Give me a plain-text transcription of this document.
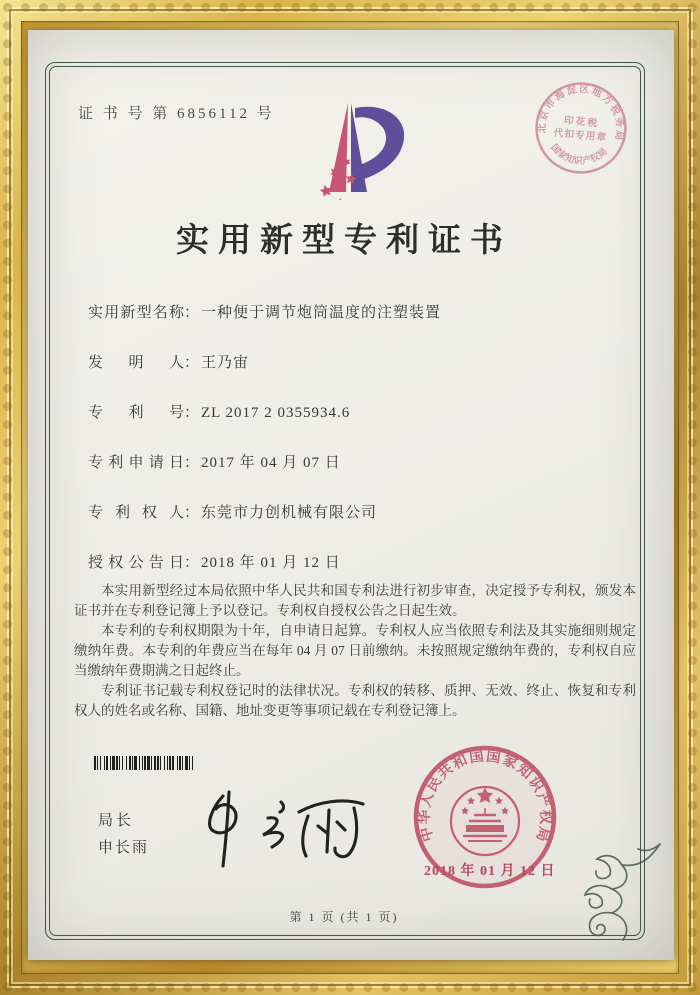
证 书 号 第 6856112 号
实用新型专利证书
实用新型名称： 一种便于调节炮筒温度的注塑装置
发明人： 王乃宙
专利号： ZL 2017 2 0355934.6
专利申请日： 2017 年 04 月 07 日
专利权人： 东莞市力创机械有限公司
授权公告日： 2018 年 01 月 12 日

本实用新型经过本局依照中华人民共和国专利法进行初步审查，决定授予专利权，颁发本证书并在专利登记簿上予以登记。专利权自授权公告之日起生效。

本专利的专利权期限为十年，自申请日起算。专利权人应当依照专利法及其实施细则规定缴纳年费。本专利的年费应当在每年 04 月 07 日前缴纳。未按照规定缴纳年费的，专利权自应当缴纳年费期满之日起终止。

专利证书记载专利权登记时的法律状况。专利权的转移、质押、无效、终止、恢复和专利权人的姓名或名称、国籍、地址变更等事项记载在专利登记簿上。

局长
申长雨
中华人民共和国国家知识产权局
2018 年 01 月 12 日
北京市海淀区地方税务局
国家知识产权局
印花税
代扣专用章
第 1 页 (共 1 页)
